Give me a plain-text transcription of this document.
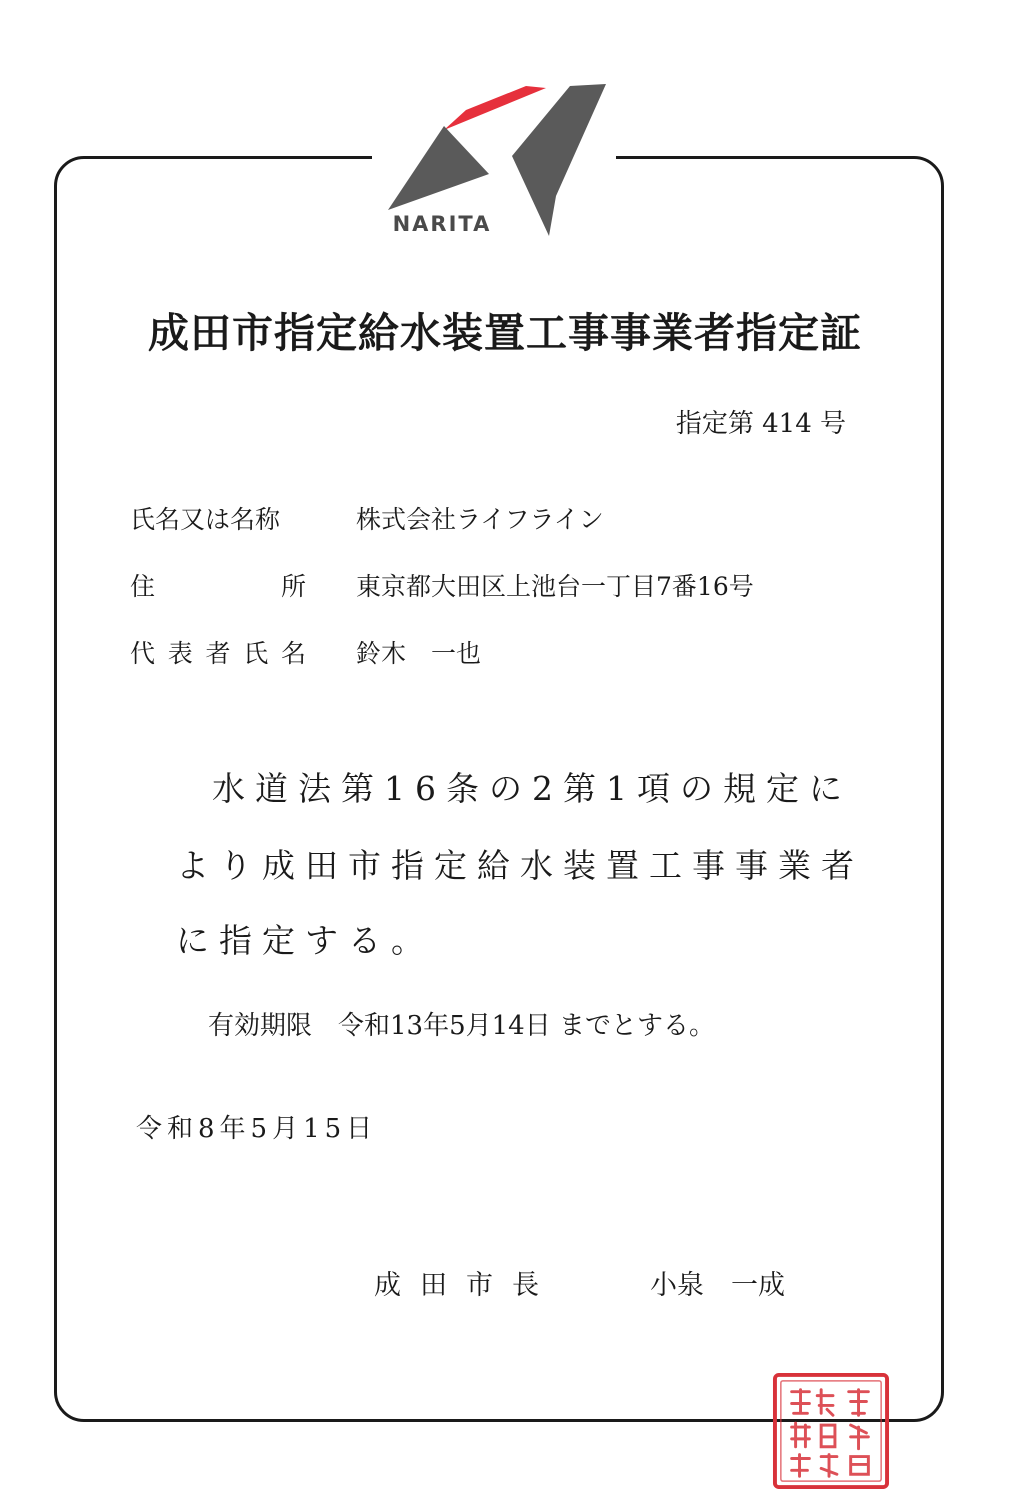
NARITA
成田市指定給水装置工事事業者指定証
指定第 414 号
氏名又は名称	株式会社ライフライン
住所 東京都大田区上池台一丁目7番16号
代表者氏名 鈴木　一也
水道法第16条の2第1項の規定に
より成田市指定給水装置工事事業者
に指定する。
有効期限 令和13年5月14日 までとする。
令和8年5月15日
成田市長	小泉　一成
